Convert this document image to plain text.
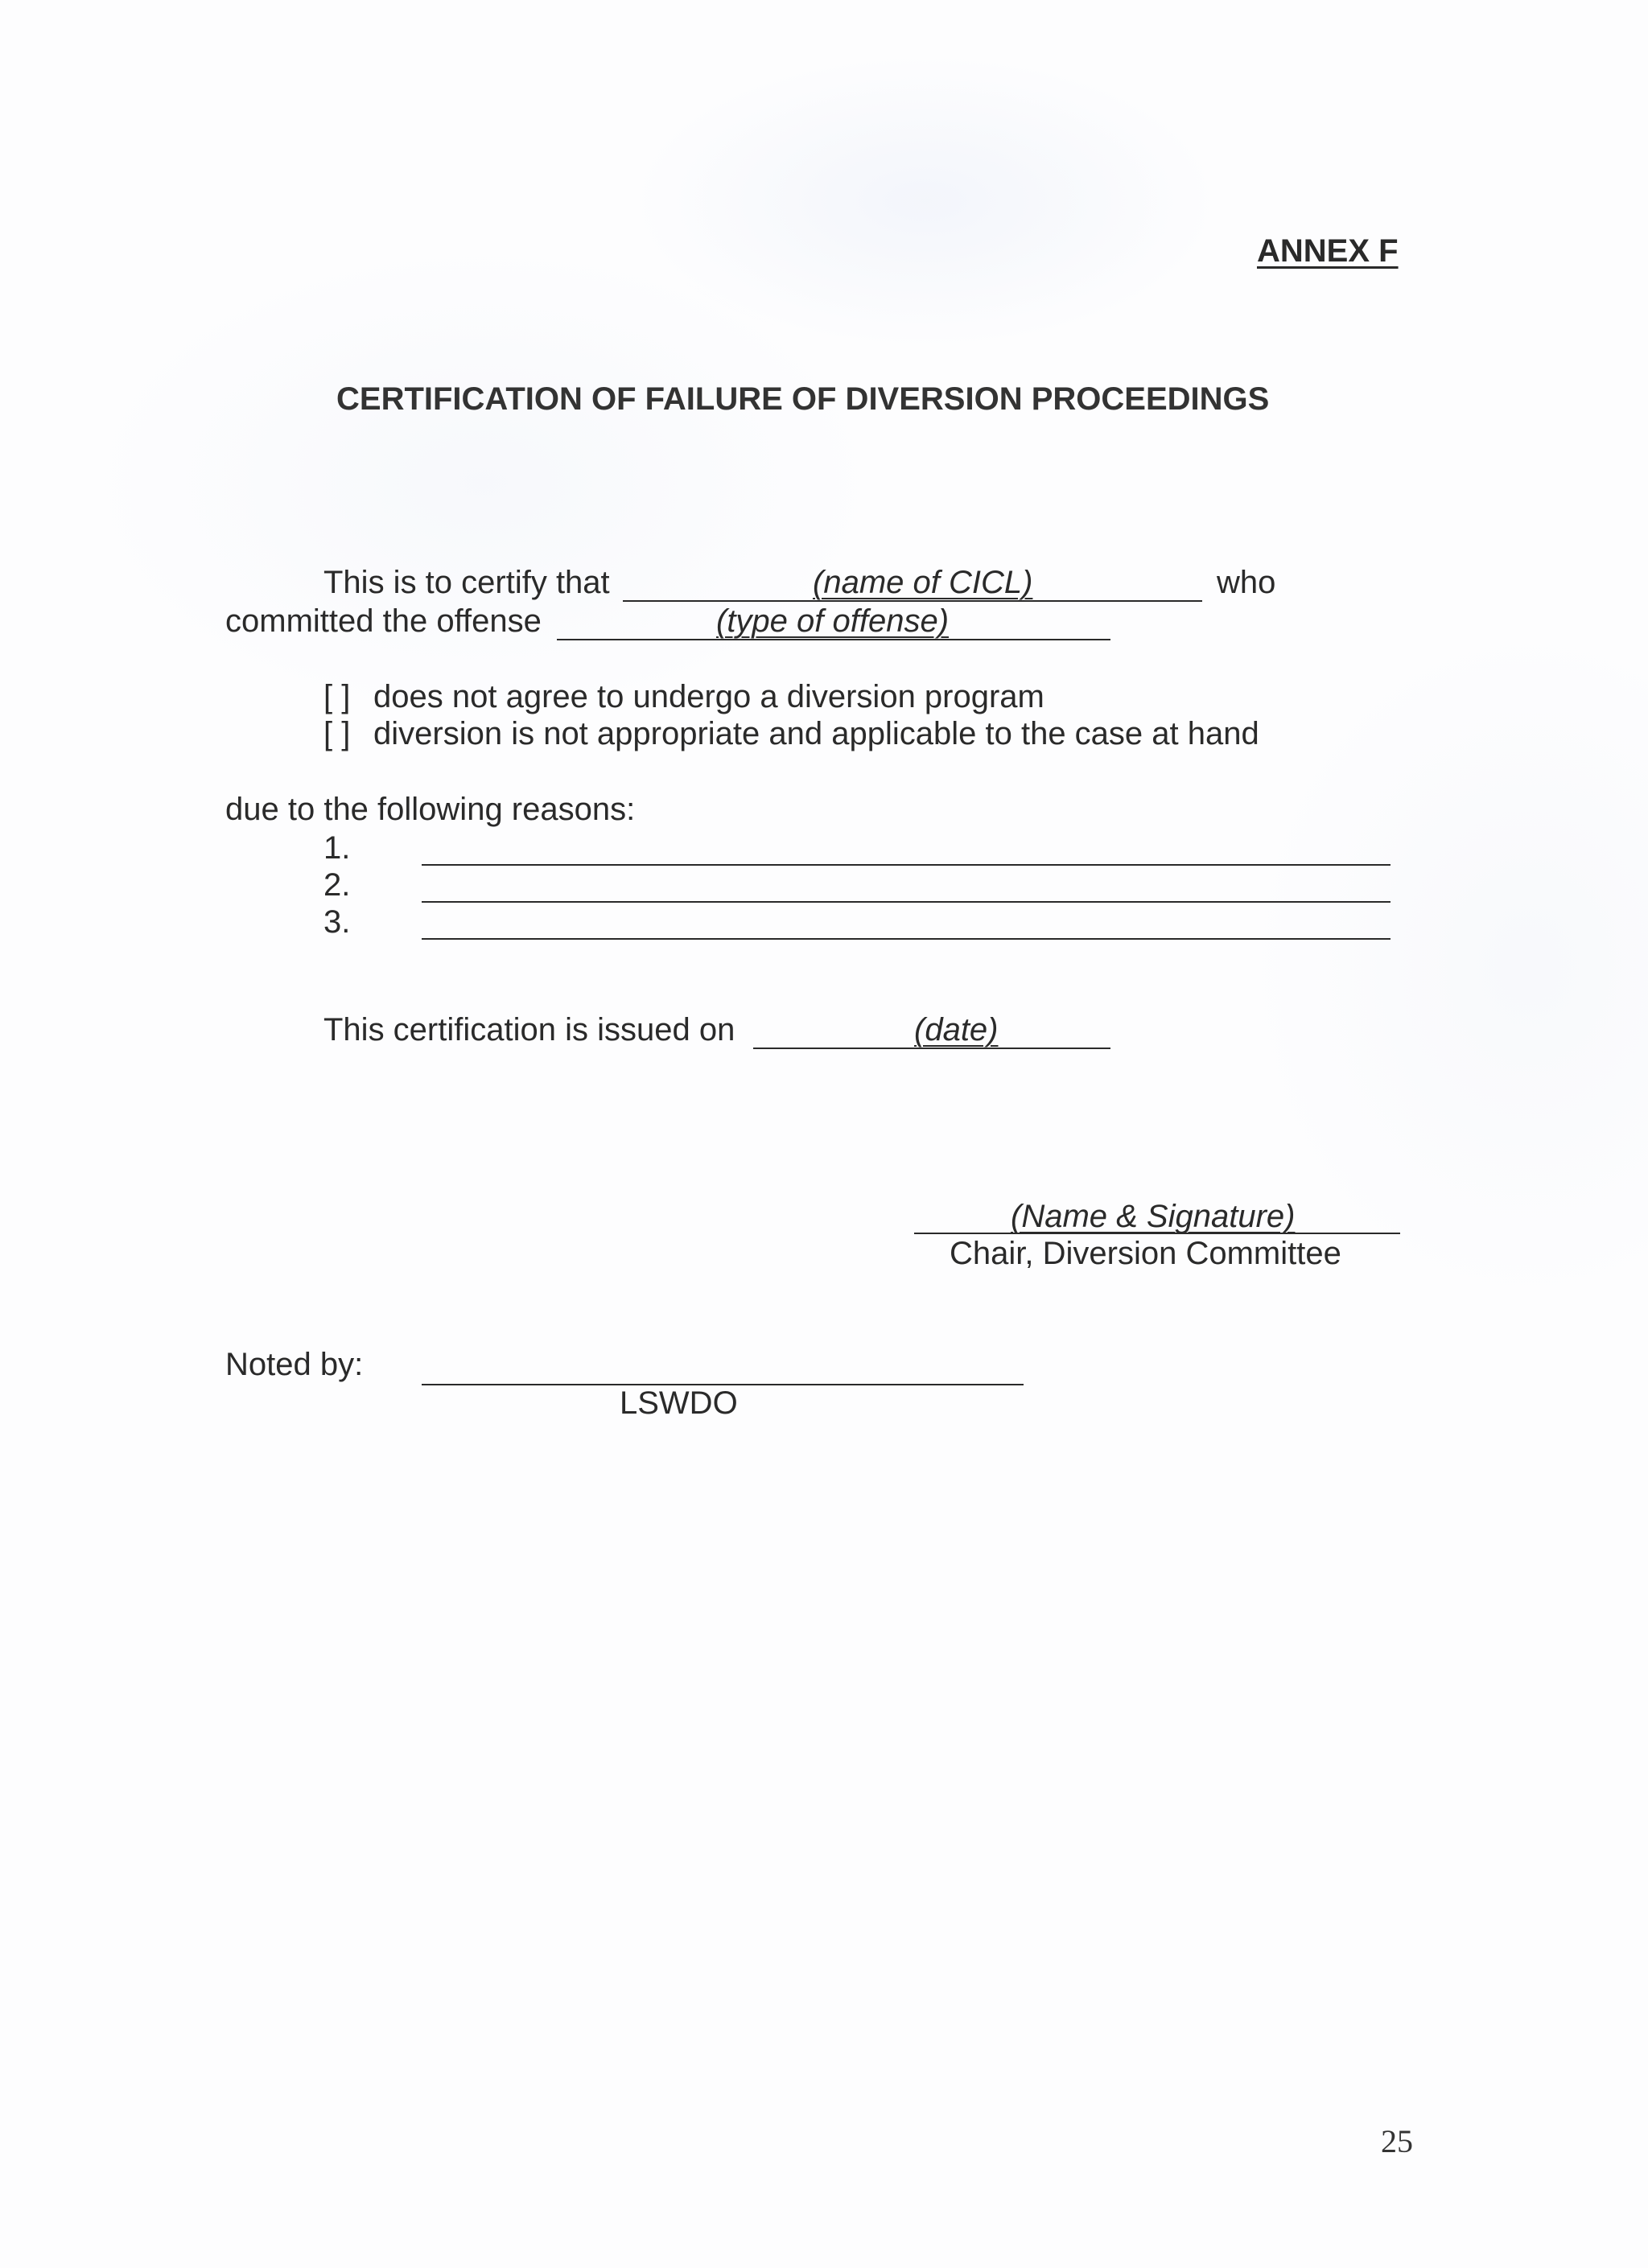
ANNEX F
CERTIFICATION OF FAILURE OF DIVERSION PROCEEDINGS
This is to certify that	(name of CICL)	who
committed the offense	(type of offense)
[ ] does not agree to undergo a diversion program
[ ] diversion is not appropriate and applicable to the case at hand
due to the following reasons:
1.
2.
3.
This certification is issued on	(date)
(Name & Signature)
Chair, Diversion Committee
Noted by:
LSWDO
25
